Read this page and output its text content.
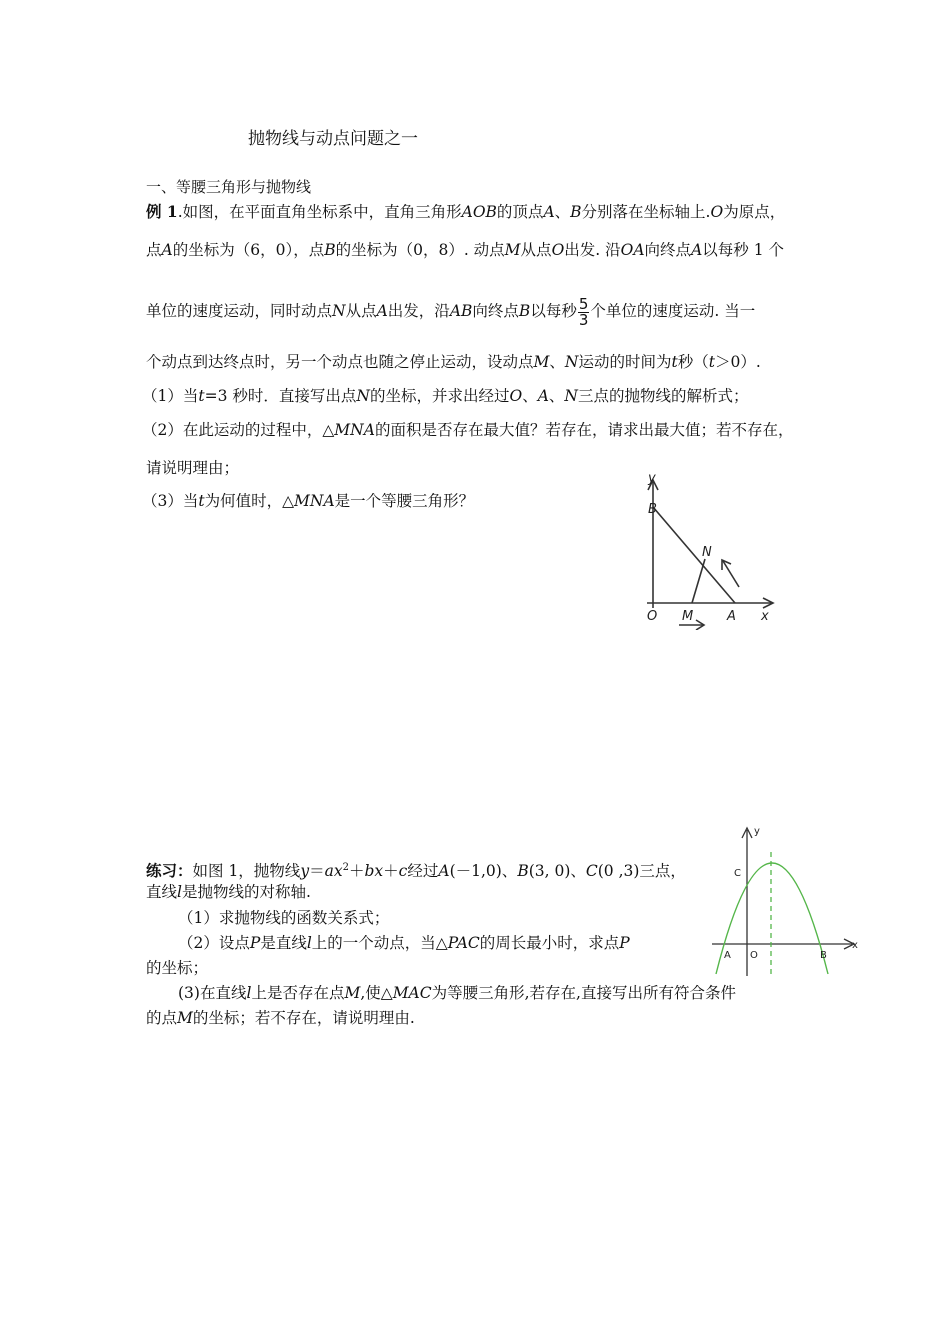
抛物线与动点问题之一
一、等腰三角形与抛物线
例 1.如图，在平面直角坐标系中，直角三角形AOB的顶点A、B分别落在坐标轴上.O为原点，
点A的坐标为（6，0），点B的坐标为（0，8）. 动点M从点O出发. 沿OA向终点A以每秒 1 个
单位的速度运动，同时动点N从点A出发，沿AB向终点B以每秒 $\frac{5}{3}$ 个单位的速度运动. 当一
个动点到达终点时，另一个动点也随之停止运动，设动点M、N运动的时间为t秒（t＞0）.
（1）当t=3 秒时．直接写出点N的坐标，并求出经过O、A、N三点的抛物线的解析式；
（2）在此运动的过程中，△MNA的面积是否存在最大值？若存在，请求出最大值；若不存在，
请说明理由；
（3）当t为何值时，△MNA是一个等腰三角形？
y
x
B
N
O M	A
练习：如图 1，抛物线$y=ax^2+bx+c$经过A(－1,0)、B(3, 0)、C(0 ,3)三点，
直线l是抛物线的对称轴.
（1）求抛物线的函数关系式；
（2）设点P是直线l上的一个动点，当△PAC的周长最小时，求点P
的坐标；
(3)在直线l上是否存在点M,使△MAC为等腰三角形,若存在,直接写出所有符合条件
的点M的坐标；若不存在，请说明理由.
y
x
C
A O	B
